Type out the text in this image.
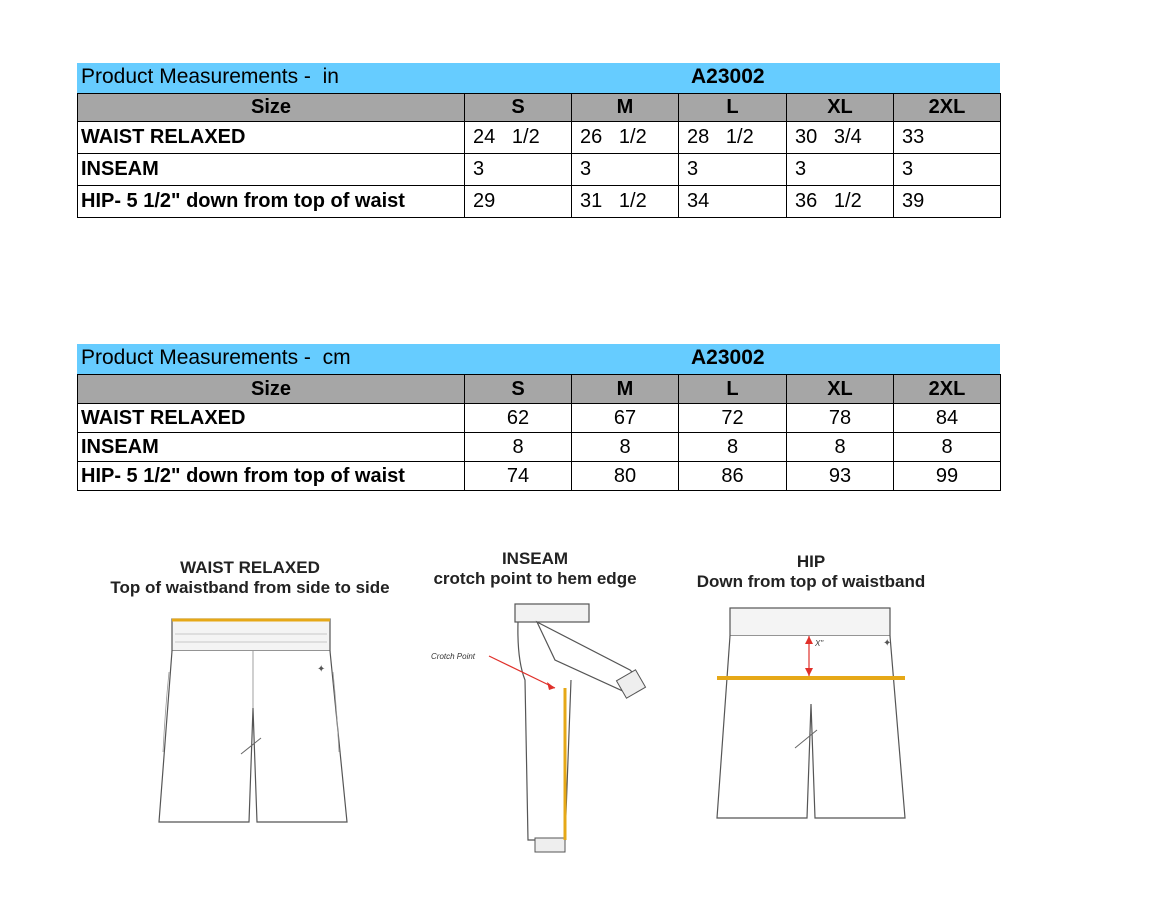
Product Measurements -  in	A23002
Size	S	M	L	XL	2XL
WAIST RELAXED	24   1/2	26   1/2	28   1/2	30   3/4	33
INSEAM	3	3	3	3	3
HIP- 5 1/2" down from top of waist	29	31   1/2	34	36   1/2	39
Product Measurements -  cm	A23002
Size	S	M	L	XL	2XL
WAIST RELAXED	62	67	72	78	84
INSEAM	8	8	8	8	8
HIP- 5 1/2" down from top of waist	74	80	86	93	99
WAIST RELAXED
Top of waistband from side to side
INSEAM
crotch point to hem edge
HIP
Down from top of waistband
✦
Crotch Point
X"	✦
